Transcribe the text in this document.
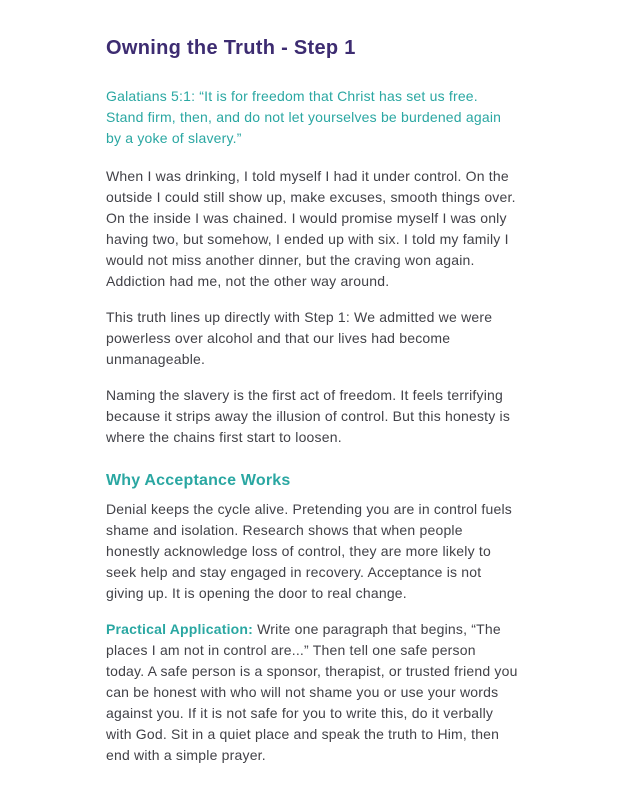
Owning the Truth - Step 1

Galatians 5:1: “It is for freedom that Christ has set us free. Stand firm, then, and do not let yourselves be burdened again by a yoke of slavery.”

When I was drinking, I told myself I had it under control. On the outside I could still show up, make excuses, smooth things over. On the inside I was chained. I would promise myself I was only having two, but somehow, I ended up with six. I told my family I would not miss another dinner, but the craving won again. Addiction had me, not the other way around.

This truth lines up directly with Step 1: We admitted we were powerless over alcohol and that our lives had become unmanageable.

Naming the slavery is the first act of freedom. It feels terrifying because it strips away the illusion of control. But this honesty is where the chains first start to loosen.

Why Acceptance Works

Denial keeps the cycle alive. Pretending you are in control fuels shame and isolation. Research shows that when people honestly acknowledge loss of control, they are more likely to seek help and stay engaged in recovery. Acceptance is not giving up. It is opening the door to real change.

Practical Application: Write one paragraph that begins, “The places I am not in control are...” Then tell one safe person today. A safe person is a sponsor, therapist, or trusted friend you can be honest with who will not shame you or use your words against you. If it is not safe for you to write this, do it verbally with God. Sit in a quiet place and speak the truth to Him, then end with a simple prayer.
